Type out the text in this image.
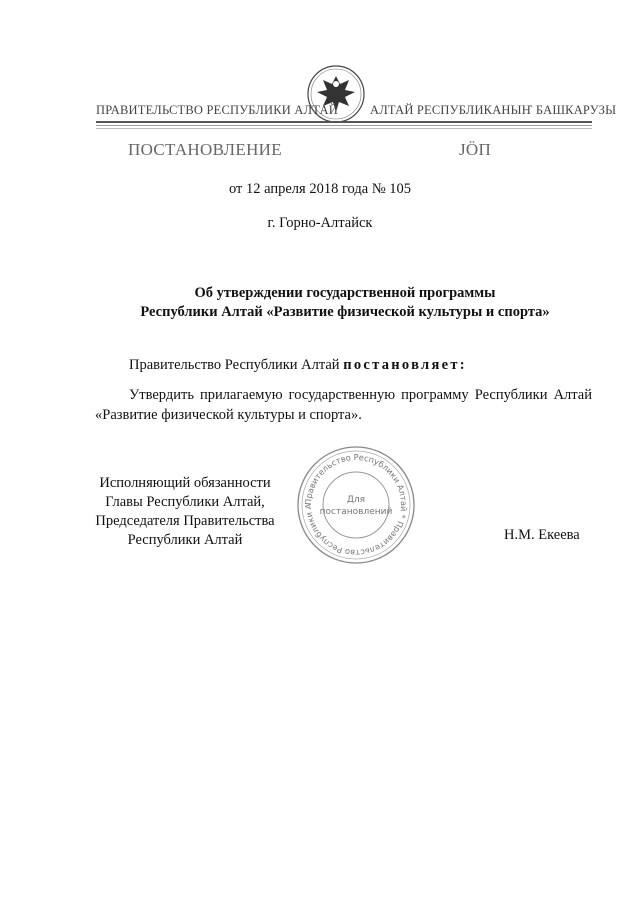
ПРАВИТЕЛЬСТВО РЕСПУБЛИКИ АЛТАЙ	АЛТАЙ РЕСПУБЛИКАНЫҤ БАШКАРУЗЫ
ПОСТАНОВЛЕНИЕ	JÖП
от 12 апреля 2018 года № 105
г. Горно-Алтайск
Об утверждении государственной программы
Республики Алтай «Развитие физической культуры и спорта»
Правительство Республики Алтай постановляет:
Утвердить прилагаемую государственную программу Республики Алтай «Развитие физической культуры и спорта».
Правительство Республики Алтай * Правительство Республики А
Для
постановлений
Исполняющий обязанности
Главы Республики Алтай,
Председателя Правительства
Республики Алтай	Н.М. Екеева
